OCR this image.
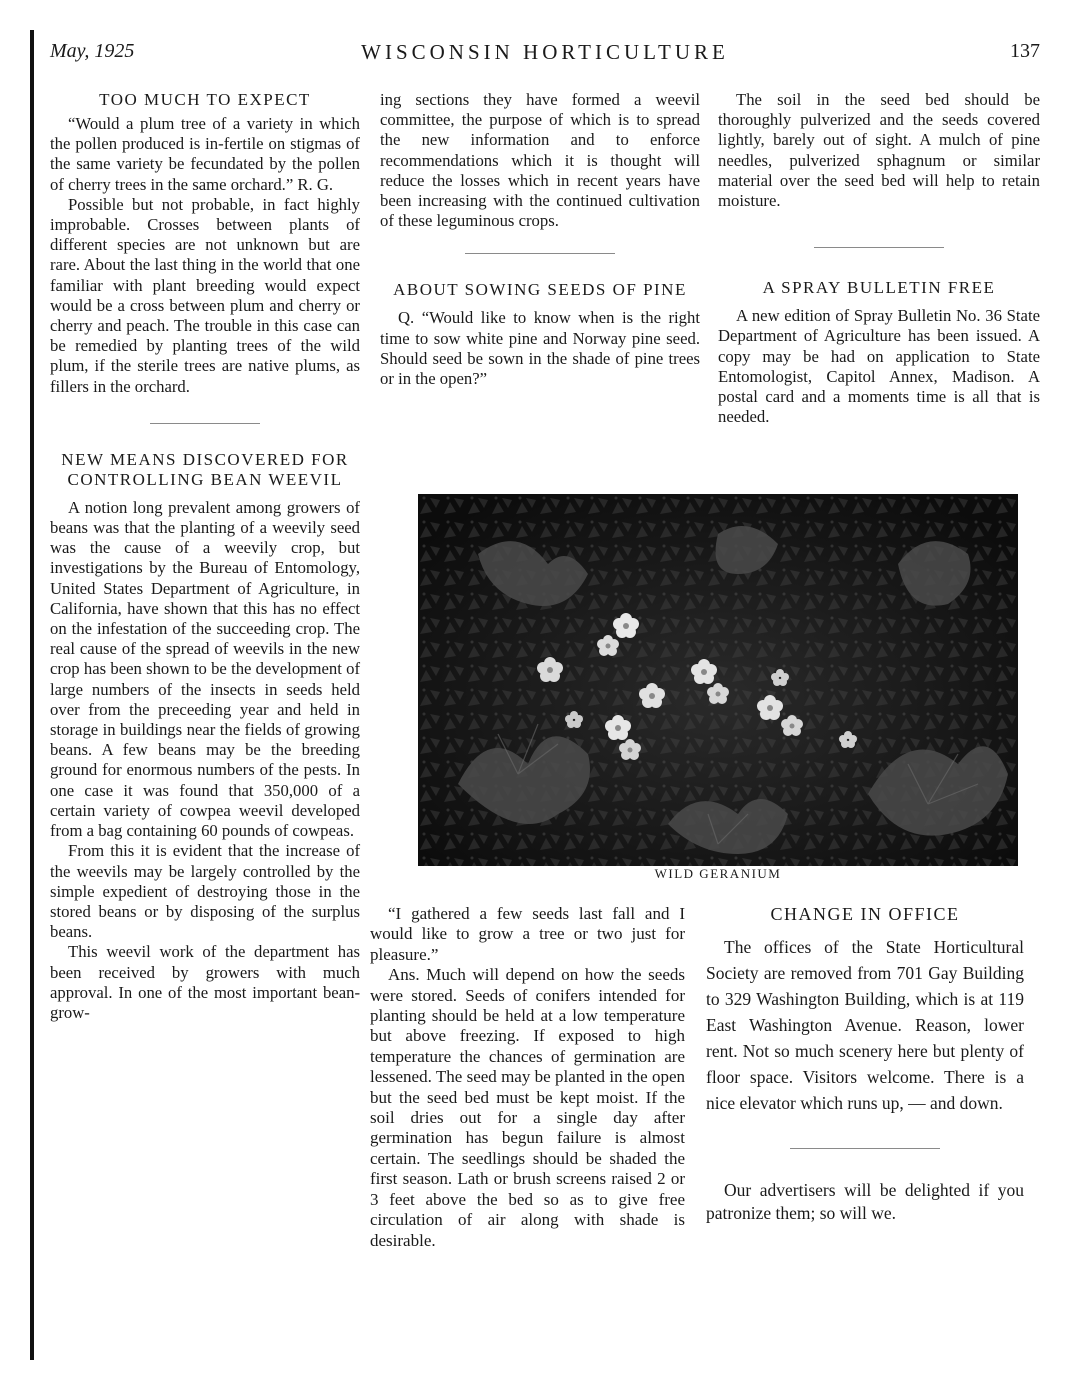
May, 1925	WISCONSIN HORTICULTURE	137
TOO MUCH TO EXPECT

“Would a plum tree of a variety in which the pollen produced is in-fertile on stigmas of the same variety be fecundated by the pollen of cherry trees in the same orchard.” R. G.

Possible but not probable, in fact highly improbable. Crosses between plants of different species are not unknown but are rare. About the last thing in the world that one familiar with plant breeding would expect would be a cross between plum and cherry or cherry and peach. The trouble in this case can be remedied by planting trees of the wild plum, if the sterile trees are native plums, as fillers in the orchard.

NEW MEANS DISCOVERED FOR CONTROLLING BEAN WEEVIL

A notion long prevalent among growers of beans was that the planting of a weevily seed was the cause of a weevily crop, but investigations by the Bureau of Entomology, United States Department of Agriculture, in California, have shown that this has no effect on the infestation of the succeeding crop. The real cause of the spread of weevils in the new crop has been shown to be the development of large numbers of the insects in seeds held over from the preceeding year and held in storage in buildings near the fields of growing beans. A few beans may be the breeding ground for enormous numbers of the pests. In one case it was found that 350,000 of a certain variety of cowpea weevil developed from a bag containing 60 pounds of cowpeas.

From this it is evident that the increase of the weevils may be largely controlled by the simple expedient of destroying those in the stored beans or by disposing of the surplus beans.

This weevil work of the department has been received by growers with much approval. In one of the most important bean-grow-

ing sections they have formed a weevil committee, the purpose of which is to spread the new information and to enforce recommendations which it is thought will reduce the losses which in recent years have been increasing with the continued cultivation of these leguminous crops.

ABOUT SOWING SEEDS OF PINE

Q. “Would like to know when is the right time to sow white pine and Norway pine seed. Should seed be sown in the shade of pine trees or in the open?”

The soil in the seed bed should be thoroughly pulverized and the seeds covered lightly, barely out of sight. A mulch of pine needles, pulverized sphagnum or similar material over the seed bed will help to retain moisture.

A SPRAY BULLETIN FREE

A new edition of Spray Bulletin No. 36 State Department of Agriculture has been issued. A copy may be had on application to State Entomologist, Capitol Annex, Madison. A postal card and a moments time is all that is needed.

WILD GERANIUM

“I gathered a few seeds last fall and I would like to grow a tree or two just for pleasure.”

Ans. Much will depend on how the seeds were stored. Seeds of conifers intended for planting should be held at a low temperature but above freezing. If exposed to high temperature the chances of germination are lessened. The seed may be planted in the open but the seed bed must be kept moist. If the soil dries out for a single day after germination has begun failure is almost certain. The seedlings should be shaded the first season. Lath or brush screens raised 2 or 3 feet above the bed so as to give free circulation of air along with shade is desirable.

CHANGE IN OFFICE

The offices of the State Horticultural Society are removed from 701 Gay Building to 329 Washington Building, which is at 119 East Washington Avenue. Reason, lower rent. Not so much scenery here but plenty of floor space. Visitors welcome. There is a nice elevator which runs up, — and down.

Our advertisers will be delighted if you patronize them; so will we.
